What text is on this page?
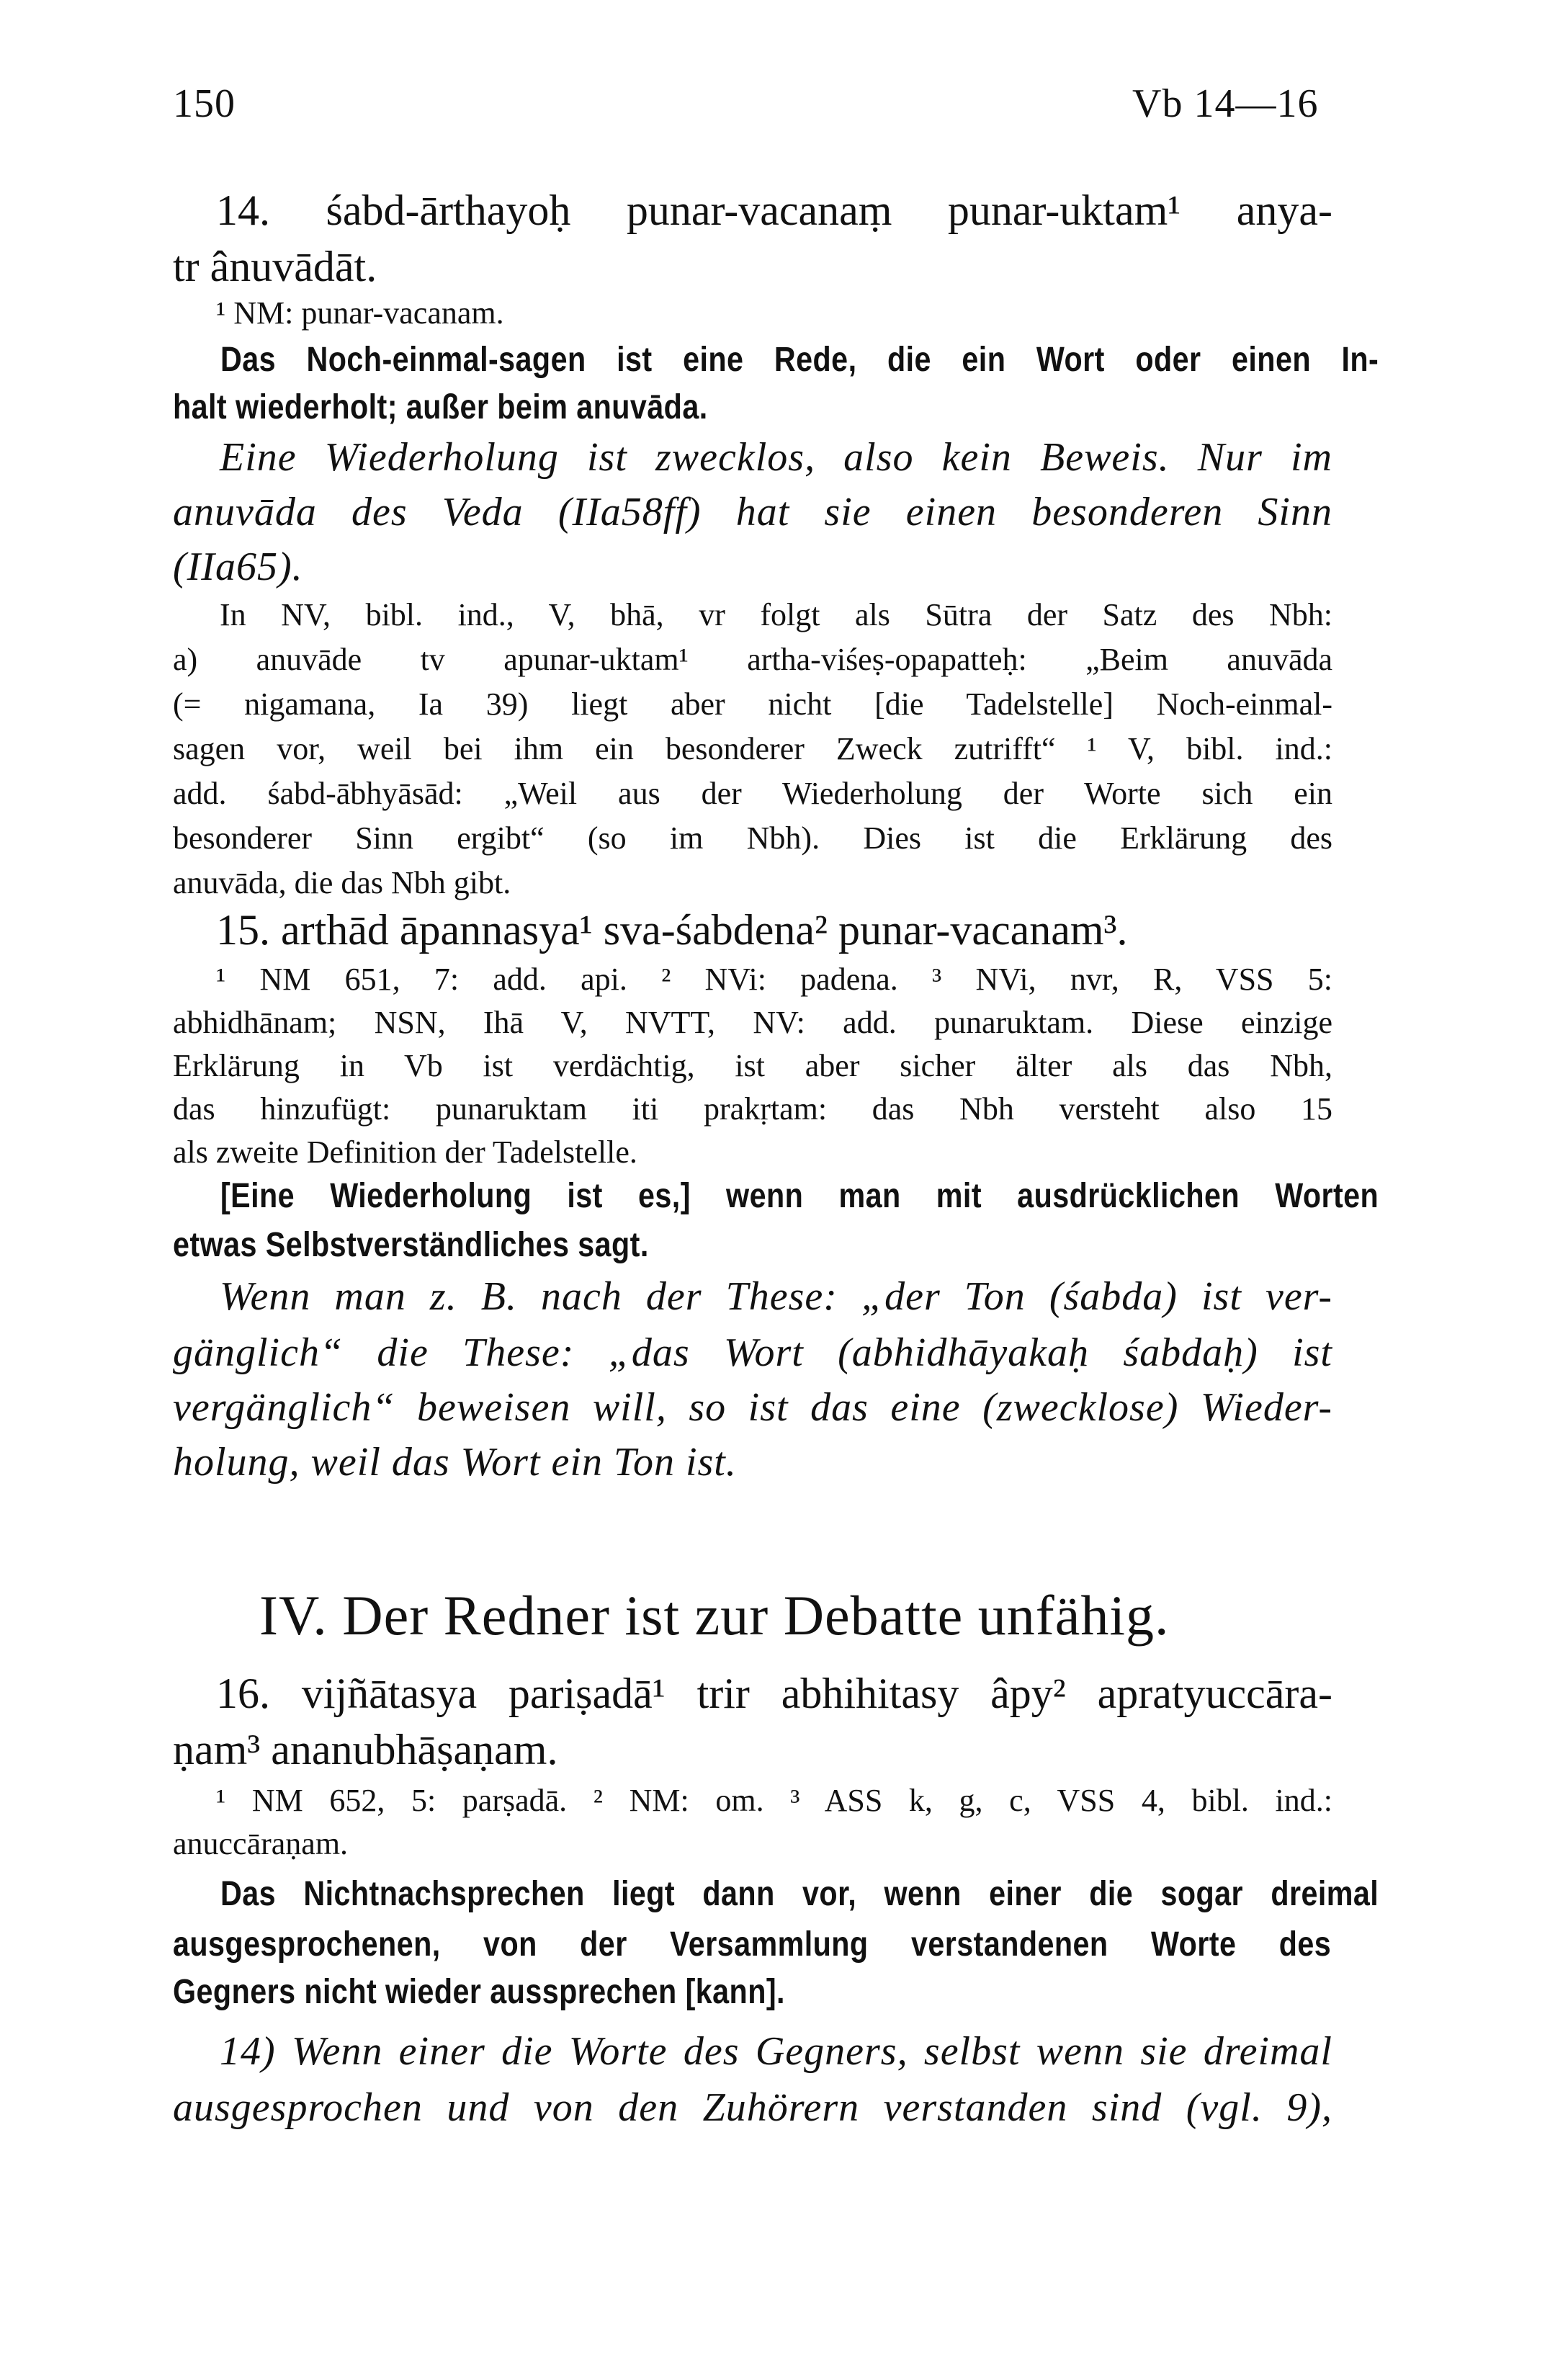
150	Vb 14—16
14. śabd-ārthayoḥ punar-vacanaṃ punar-uktam¹ anya-
tr ânuvādāt.
¹ NM: punar-vacanam.
Das Noch-einmal-sagen ist eine Rede, die ein Wort oder einen In-
halt wiederholt; außer beim anuvāda.
Eine Wiederholung ist zwecklos, also kein Beweis. Nur im
anuvāda des Veda (IIa58ff) hat sie einen besonderen Sinn
(IIa65).
In NV, bibl. ind., V, bhā, vr folgt als Sūtra der Satz des Nbh:
a) anuvāde tv apunar-uktam¹ artha-viśeṣ-opapatteḥ: „Beim anuvāda
(= nigamana, Ia 39) liegt aber nicht [die Tadelstelle] Noch-einmal-
sagen vor, weil bei ihm ein besonderer Zweck zutrifft“ ¹ V, bibl. ind.:
add. śabd-ābhyāsād: „Weil aus der Wiederholung der Worte sich ein
besonderer Sinn ergibt“ (so im Nbh). Dies ist die Erklärung des
anuvāda, die das Nbh gibt.
15. arthād āpannasya¹ sva-śabdena² punar-vacanam³.
¹ NM 651, 7: add. api. ² NVi: padena. ³ NVi, nvr, R, VSS 5:
abhidhānam; NSN, Ihā V, NVTT, NV: add. punaruktam. Diese einzige
Erklärung in Vb ist verdächtig, ist aber sicher älter als das Nbh,
das hinzufügt: punaruktam iti prakṛtam: das Nbh versteht also 15
als zweite Definition der Tadelstelle.
[Eine Wiederholung ist es,] wenn man mit ausdrücklichen Worten
etwas Selbstverständliches sagt.
Wenn man z. B. nach der These: „der Ton (śabda) ist ver-
gänglich“ die These: „das Wort (abhidhāyakaḥ śabdaḥ) ist
vergänglich“ beweisen will, so ist das eine (zwecklose) Wieder-
holung, weil das Wort ein Ton ist.
IV. Der Redner ist zur Debatte unfähig.
16. vijñātasya pariṣadā¹ trir abhihitasy âpy² apratyuccāra-
ṇam³ ananubhāṣaṇam.
¹ NM 652, 5: parṣadā. ² NM: om. ³ ASS k, g, c, VSS 4, bibl. ind.:
anuccāraṇam.
Das Nichtnachsprechen liegt dann vor, wenn einer die sogar dreimal
ausgesprochenen, von der Versammlung verstandenen Worte des
Gegners nicht wieder aussprechen [kann].
14) Wenn einer die Worte des Gegners, selbst wenn sie dreimal
ausgesprochen und von den Zuhörern verstanden sind (vgl. 9),
